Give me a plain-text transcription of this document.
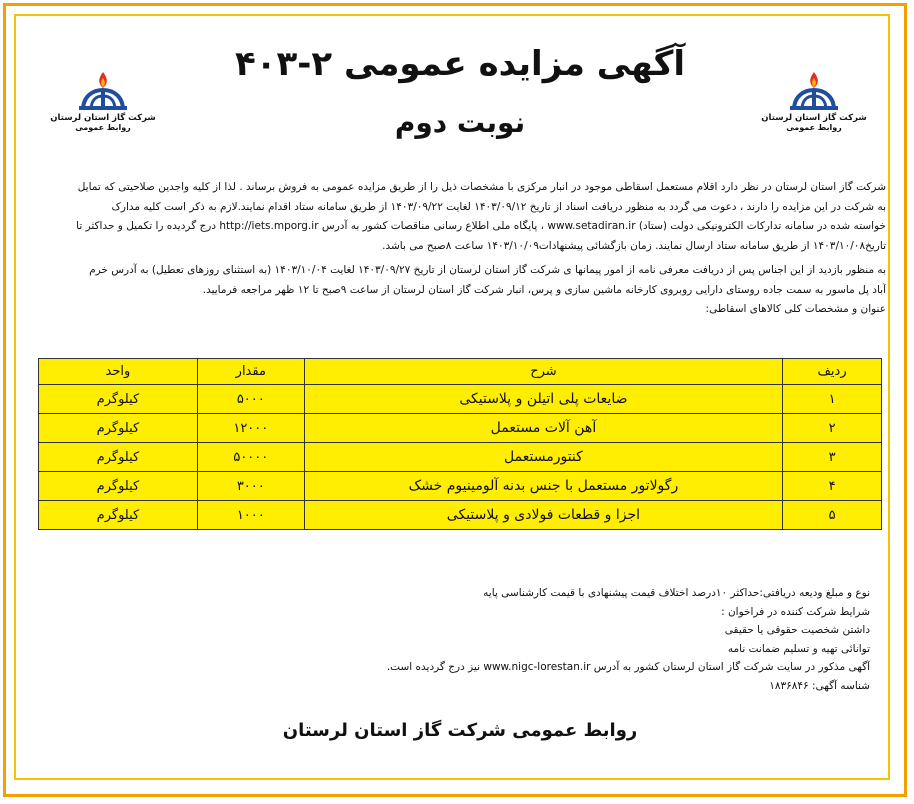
شرکت گاز استان لرستان
روابط عمومی
شرکت گاز استان لرستان
روابط عمومی
آگهی مزایده عمومی ۲-۴۰۳
نوبت دوم
شرکت گاز استان لرستان در نظر دارد اقلام مستعمل اسقاطی موجود در انبار مرکزی با مشخصات ذیل را از طریق مزایده عمومی به فروش برساند . لذا از کلیه واجدین صلاحیتی که تمایل
به شرکت در این مزایده را دارند ، دعوت می گردد به منظور دریافت اسناد از تاریخ ۱۴۰۳/۰۹/۱۲ لغایت ۱۴۰۳/۰۹/۲۲ از طریق سامانه ستاد اقدام نمایند.لازم به ذکر است کلیه مدارک
خواسته شده در سامانه تدارکات الکترونیکی دولت (ستاد) www.setadiran.ir ، پایگاه ملی اطلاع رسانی مناقصات کشور به آدرس http://iets.mporg.ir درج گردیده را تکمیل و حداکثر تا
تاریخ۱۴۰۳/۱۰/۰۸ از طریق سامانه ستاد ارسال نمایند. زمان بازگشائی پیشنهادات۱۴۰۳/۱۰/۰۹ ساعت ۸صبح می باشد.
به منظور بازدید از این اجناس پس از دریافت معرفی نامه از امور پیمانها ی شرکت گاز استان لرستان از تاریخ ۱۴۰۳/۰۹/۲۷ لغایت ۱۴۰۳/۱۰/۰۴ (به استثنای روزهای تعطیل) به آدرس خرم
آباد پل ماسور به سمت جاده روستای دارایی روبروی کارخانه ماشین سازی و پرس، انبار شرکت گاز استان لرستان از ساعت ۹صبح تا ۱۲ ظهر مراجعه فرمایید.
عنوان و مشخصات کلی کالاهای اسقاطی:
ردیف	شرح	مقدار	واحد
۱	ضایعات پلی اتیلن و پلاستیکی	۵۰۰۰	کیلوگرم
۲	آهن آلات مستعمل	۱۲۰۰۰	کیلوگرم
۳	کنتورمستعمل	۵۰۰۰۰	کیلوگرم
۴	رگولاتور مستعمل با جنس بدنه آلومینیوم خشک	۳۰۰۰	کیلوگرم
۵	اجزا و قطعات فولادی و پلاستیکی	۱۰۰۰	کیلوگرم
نوع و مبلغ ودیعه دریافتی:حداکثر ۱۰درصد اختلاف قیمت پیشنهادی با قیمت کارشناسی پایه
شرایط شرکت کننده در فراخوان :
داشتن شخصیت حقوقی یا حقیقی
توانائی تهیه و تسلیم ضمانت نامه
آگهی مذکور در سایت شرکت گاز استان لرستان کشور به آدرس www.nigc-lorestan.ir نیز درج گردیده است.
شناسه آگهی: ۱۸۳۶۸۴۶
روابط عمومی شرکت گاز استان لرستان
